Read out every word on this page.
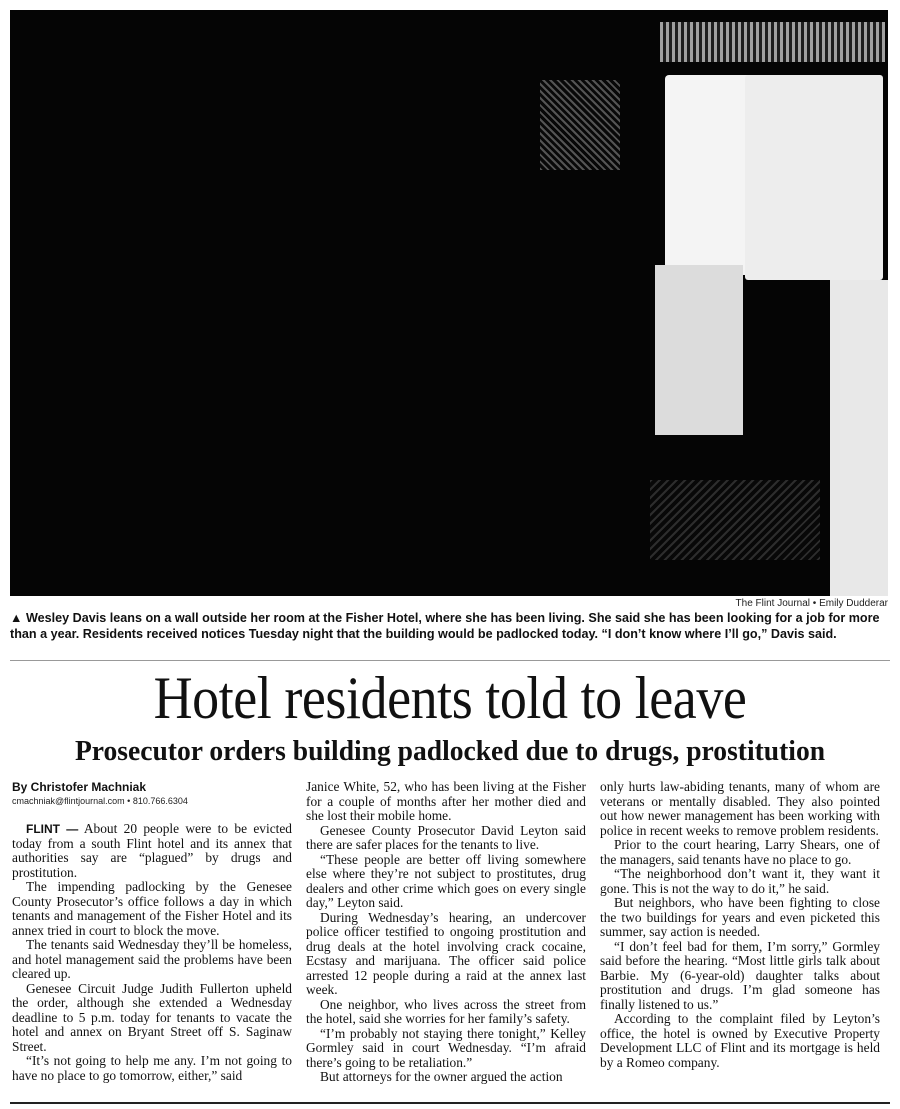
The Flint Journal • Emily Dudderar
▲ Wesley Davis leans on a wall outside her room at the Fisher Hotel, where she has been living. She said she has been looking for a job for more than a year. Residents received notices Tuesday night that the building would be padlocked today. “I don’t know where I’ll go,” Davis said.
Hotel residents told to leave
Prosecutor orders building padlocked due to drugs, prostitution
By Christofer Machniak
cmachniak@flintjournal.com • 810.766.6304

FLINT — About 20 people were to be evicted today from a south Flint hotel and its annex that authorities say are “plagued” by drugs and prostitution.

The impending padlocking by the Genesee County Prosecutor’s office follows a day in which tenants and management of the Fisher Hotel and its annex tried in court to block the move.

The tenants said Wednesday they’ll be homeless, and hotel management said the problems have been cleared up.

Genesee Circuit Judge Judith Fullerton upheld the order, although she extended a Wednesday deadline to 5 p.m. today for tenants to vacate the hotel and annex on Bryant Street off S. Saginaw Street.

“It’s not going to help me any. I’m not going to have no place to go tomorrow, either,” said

Janice White, 52, who has been living at the Fisher for a couple of months after her mother died and she lost their mobile home.

Genesee County Prosecutor David Leyton said there are safer places for the tenants to live.

“These people are better off living somewhere else where they’re not subject to prostitutes, drug dealers and other crime which goes on every single day,” Leyton said.

During Wednesday’s hearing, an undercover police officer testified to ongoing prostitution and drug deals at the hotel involving crack cocaine, Ecstasy and marijuana. The officer said police arrested 12 people during a raid at the annex last week.

One neighbor, who lives across the street from the hotel, said she worries for her family’s safety.

“I’m probably not staying there tonight,” Kelley Gormley said in court Wednesday. “I’m afraid there’s going to be retaliation.”

But attorneys for the owner argued the action

only hurts law-abiding tenants, many of whom are veterans or mentally disabled. They also pointed out how newer management has been working with police in recent weeks to remove problem residents.

Prior to the court hearing, Larry Shears, one of the managers, said tenants have no place to go.

“The neighborhood don’t want it, they want it gone. This is not the way to do it,” he said.

But neighbors, who have been fighting to close the two buildings for years and even picketed this summer, say action is needed.

“I don’t feel bad for them, I’m sorry,” Gormley said before the hearing. “Most little girls talk about Barbie. My (6-year-old) daughter talks about prostitution and drugs. I’m glad someone has finally listened to us.”

According to the complaint filed by Leyton’s office, the hotel is owned by Executive Property Development LLC of Flint and its mortgage is held by a Romeo company.
